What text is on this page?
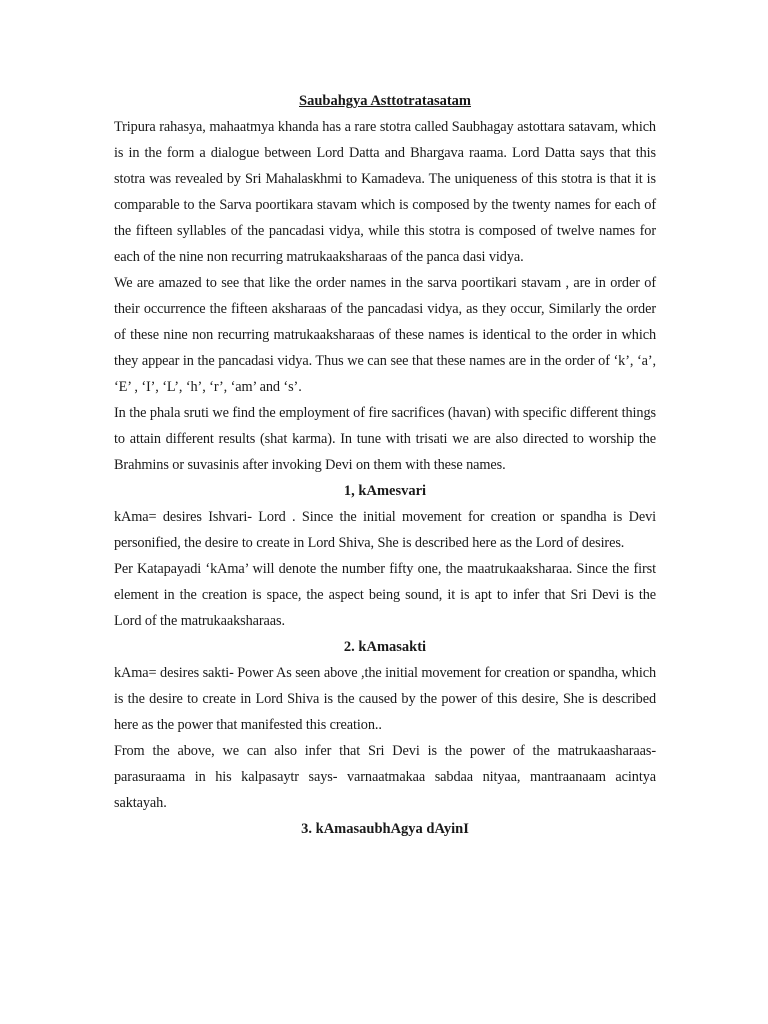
Saubahgya Asttotratasatam

Tripura rahasya, mahaatmya khanda has a rare stotra called Saubhagay astottara satavam, which is in the form a dialogue between Lord Datta and Bhargava raama. Lord Datta says that this stotra was revealed by Sri Mahalaskhmi to Kamadeva. The uniqueness of this stotra is that it is comparable to the Sarva poortikara stavam which is composed by the twenty names for each of the fifteen syllables of the pancadasi vidya, while this stotra is composed of twelve names for each of the nine non recurring matrukaaksharaas of the panca dasi vidya.

We are amazed to see that like the order names in the sarva poortikari stavam , are in order of their occurrence the fifteen aksharaas of the pancadasi vidya, as they occur, Similarly the order of these nine non recurring matrukaaksharaas of these names is identical to the order in which they appear in the pancadasi vidya. Thus we can see that these names are in the order of ‘k’, ‘a’, ‘E’ , ‘I’, ‘L’, ‘h’, ‘r’, ‘am’ and ‘s’.

In the phala sruti we find the employment of fire sacrifices (havan) with specific different things to attain different results (shat karma). In tune with trisati we are also directed to worship the Brahmins or suvasinis after invoking Devi on them with these names.

1, kAmesvari

kAma= desires Ishvari- Lord . Since the initial movement for creation or spandha is Devi personified, the desire to create in Lord Shiva, She is described here as the Lord of desires.

Per Katapayadi ‘kAma’ will denote the number fifty one, the maatrukaaksharaa. Since the first element in the creation is space, the aspect being sound, it is apt to infer that Sri Devi is the Lord of the matrukaaksharaas.

2. kAmasakti

kAma= desires sakti- Power As seen above ,the initial movement for creation or spandha, which is the desire to create in Lord Shiva is the caused by the power of this desire, She is described here as the power that manifested this creation..

From the above, we can also infer that Sri Devi is the power of the matrukaasharaas- parasuraama in his kalpasaytr says- varnaatmakaa sabdaa nityaa, mantraanaam acintya saktayah.

3. kAmasaubhAgya dAyinI
